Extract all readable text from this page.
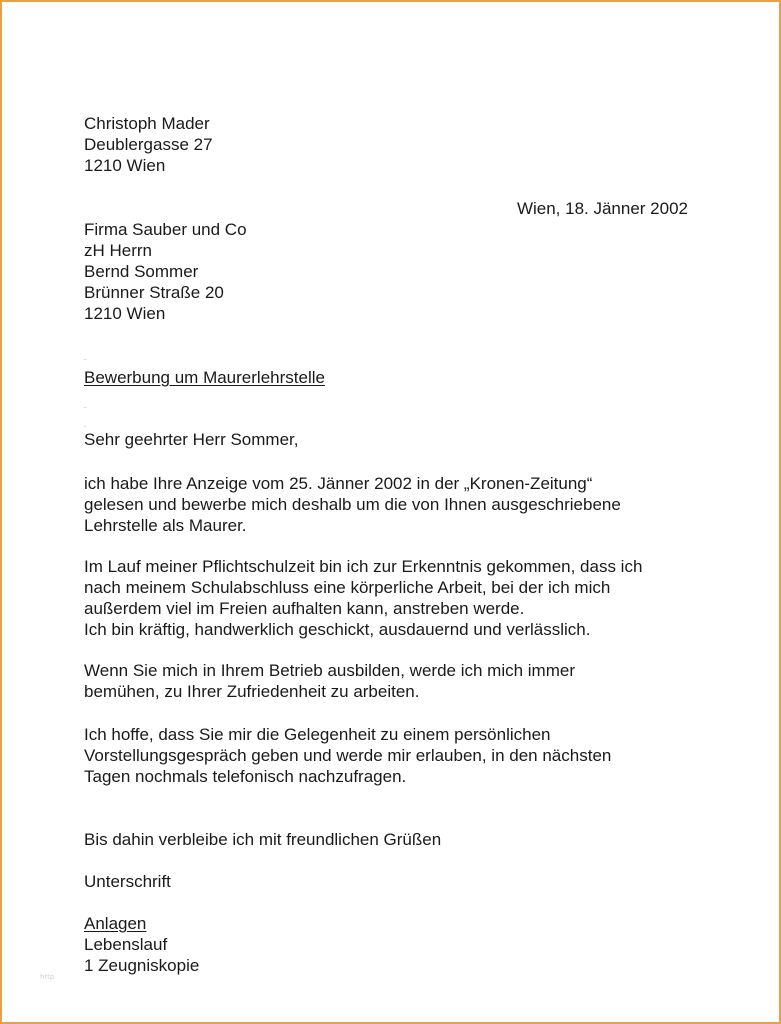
Christoph Mader
Deublergasse 27
1210 Wien
Wien, 18. Jänner 2002
Firma Sauber und Co
zH Herrn
Bernd Sommer
Brünner Straße 20
1210 Wien
.
Bewerbung um Maurerlehrstelle
.
.
Sehr geehrter Herr Sommer,
ich habe Ihre Anzeige vom 25. Jänner 2002 in der „Kronen-Zeitung“
gelesen und bewerbe mich deshalb um die von Ihnen ausgeschriebene
Lehrstelle als Maurer.
Im Lauf meiner Pflichtschulzeit bin ich zur Erkenntnis gekommen, dass ich
nach meinem Schulabschluss eine körperliche Arbeit, bei der ich mich
außerdem viel im Freien aufhalten kann, anstreben werde.
Ich bin kräftig, handwerklich geschickt, ausdauernd und verlässlich.
Wenn Sie mich in Ihrem Betrieb ausbilden, werde ich mich immer
bemühen, zu Ihrer Zufriedenheit zu arbeiten.
Ich hoffe, dass Sie mir die Gelegenheit zu einem persönlichen
Vorstellungsgespräch geben und werde mir erlauben, in den nächsten
Tagen nochmals telefonisch nachzufragen.
Bis dahin verbleibe ich mit freundlichen Grüßen
Unterschrift
Anlagen
Lebenslauf
1 Zeugniskopie
http
